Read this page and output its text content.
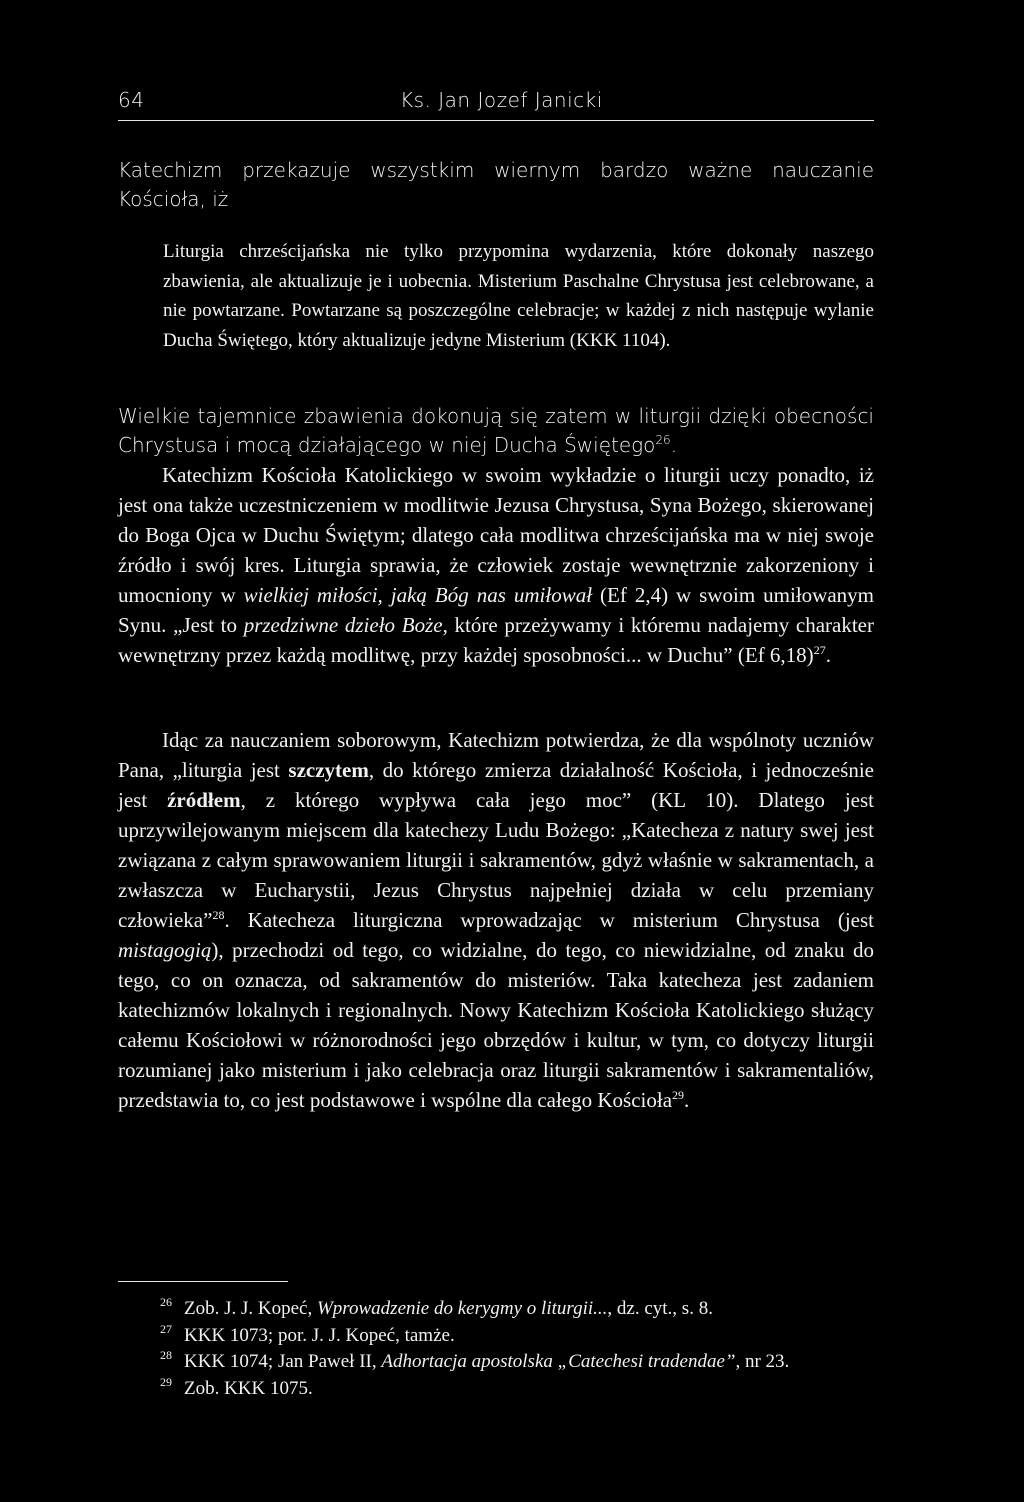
64	Ks. Jan Jozef Janicki

Katechizm przekazuje wszystkim wiernym bardzo ważne nauczanie Kościoła, iż

Liturgia chrześcijańska nie tylko przypomina wydarzenia, które dokonały naszego zbawienia, ale aktualizuje je i uobecnia. Misterium Paschalne Chrystusa jest celebrowane, a nie powtarzane. Powtarzane są poszczególne celebracje; w każdej z nich następuje wylanie Ducha Świętego, który aktualizuje jedyne Misterium (KKK 1104).

Wielkie tajemnice zbawienia dokonują się zatem w liturgii dzięki obecności Chrystusa i mocą działającego w niej Ducha Świętego$^{26}$.

Katechizm Kościoła Katolickiego w swoim wykładzie o liturgii uczy ponadto, iż jest ona także uczestniczeniem w modlitwie Jezusa Chrystusa, Syna Bożego, skierowanej do Boga Ojca w Duchu Świętym; dlatego cała modlitwa chrześcijańska ma w niej swoje źródło i swój kres. Liturgia sprawia, że człowiek zostaje wewnętrznie zakorzeniony i umocniony w wielkiej miłości, jaką Bóg nas umiłował (Ef 2,4) w swoim umiłowanym Synu. „Jest to przedziwne dzieło Boże, które przeżywamy i któremu nadajemy charakter wewnętrzny przez każdą modlitwę, przy każdej sposobności... w Duchu” (Ef 6,18)$^{27}$.

Idąc za nauczaniem soborowym, Katechizm potwierdza, że dla wspólnoty uczniów Pana, „liturgia jest szczytem, do którego zmierza działalność Kościoła, i jednocześnie jest źródłem, z którego wypływa cała jego moc” (KL 10). Dlatego jest uprzywilejowanym miejscem dla katechezy Ludu Bożego: „Katecheza z natury swej jest związana z całym sprawowaniem liturgii i sakramentów, gdyż właśnie w sakramentach, a zwłaszcza w Eucharystii, Jezus Chrystus najpełniej działa w celu przemiany człowieka”$^{28}$. Katecheza liturgiczna wprowadzając w misterium Chrystusa (jest mistagogią), przechodzi od tego, co widzialne, do tego, co niewidzialne, od znaku do tego, co on oznacza, od sakramentów do misteriów. Taka katecheza jest zadaniem katechizmów lokalnych i regionalnych. Nowy Katechizm Kościoła Katolickiego służący całemu Kościołowi w różnorodności jego obrzędów i kultur, w tym, co dotyczy liturgii rozumianej jako misterium i jako celebracja oraz liturgii sakramentów i sakramentaliów, przedstawia to, co jest podstawowe i wspólne dla całego Kościoła$^{29}$.

$^{26}$ Zob. J. J. Kopeć, Wprowadzenie do kerygmy o liturgii..., dz. cyt., s. 8.
$^{27}$ KKK 1073; por. J. J. Kopeć, tamże.
$^{28}$ KKK 1074; Jan Paweł II, Adhortacja apostolska „Catechesi tradendae”, nr 23.
$^{29}$ Zob. KKK 1075.
